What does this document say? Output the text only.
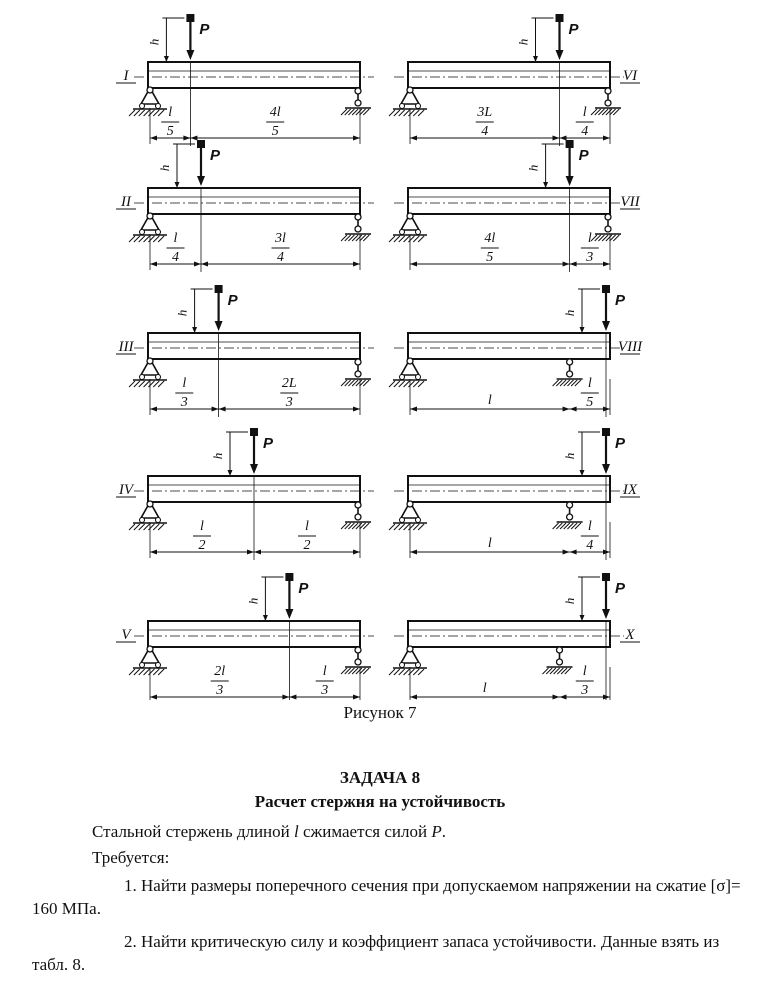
I
P
h
l
5
4l
5
II
P
h
l
4
3l
4
III
P
h
l
3
2L
3
IV
P
h
l
2
l
2
V
P
h
2l
3
l
3
VI
P
h
3L
4
l
4
VII
P
h
4l
5
l
3
VIII
P
h
l
l
5
IX
P
h
l
l
4
X
P
h
l
l
3
Рисунок 7
ЗАДАЧА 8
Расчет стержня на устойчивость
Стальной стержень длиной l сжимается силой P.
Требуется:
1. Найти размеры поперечного сечения при допускаемом напряжении на сжатие [σ]= 160 МПа.
2. Найти критическую силу и коэффициент запаса устойчивости. Данные взять из табл. 8.
